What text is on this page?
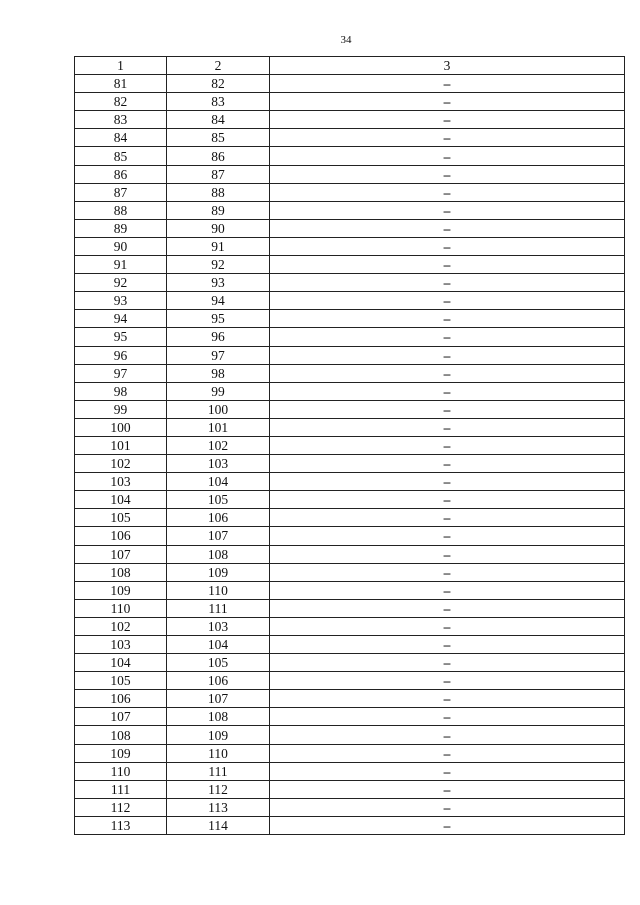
34
1	2	3
81	82	–
82	83	–
83	84	–
84	85	–
85	86	–
86	87	–
87	88	–
88	89	–
89	90	–
90	91	–
91	92	–
92	93	–
93	94	–
94	95	–
95	96	–
96	97	–
97	98	–
98	99	–
99	100	–
100	101	–
101	102	–
102	103	–
103	104	–
104	105	–
105	106	–
106	107	–
107	108	–
108	109	–
109	110	–
110	111	–
102	103	–
103	104	–
104	105	–
105	106	–
106	107	–
107	108	–
108	109	–
109	110	–
110	111	–
111	112	–
112	113	–
113	114	–
